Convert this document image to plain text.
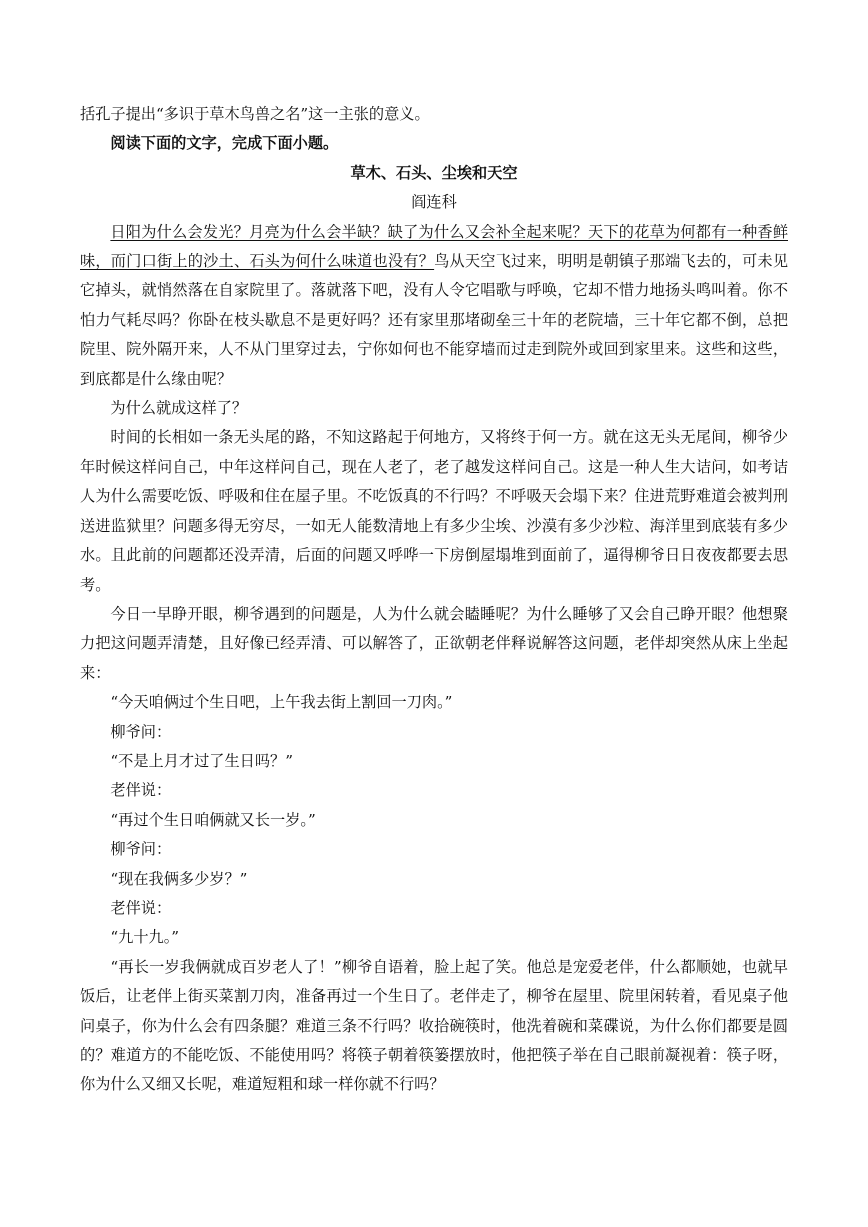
括孔子提出“多识于草木鸟兽之名”这一主张的意义。

阅读下面的文字，完成下面小题。

草木、石头、尘埃和天空

阎连科

日阳为什么会发光？月亮为什么会半缺？缺了为什么又会补全起来呢？天下的花草为何都有一种香鲜味，而门口街上的沙土、石头为何什么味道也没有？鸟从天空飞过来，明明是朝镇子那端飞去的，可未见它掉头，就悄然落在自家院里了。落就落下吧，没有人令它唱歌与呼唤，它却不惜力地扬头鸣叫着。你不怕力气耗尽吗？你卧在枝头歇息不是更好吗？还有家里那堵砌垒三十年的老院墙，三十年它都不倒，总把院里、院外隔开来，人不从门里穿过去，宁你如何也不能穿墙而过走到院外或回到家里来。这些和这些，到底都是什么缘由呢？

为什么就成这样了？

时间的长相如一条无头尾的路，不知这路起于何地方，又将终于何一方。就在这无头无尾间，柳爷少年时候这样问自己，中年这样问自己，现在人老了，老了越发这样问自己。这是一种人生大诘问，如考诘人为什么需要吃饭、呼吸和住在屋子里。不吃饭真的不行吗？不呼吸天会塌下来？住进荒野难道会被判刑送进监狱里？问题多得无穷尽，一如无人能数清地上有多少尘埃、沙漠有多少沙粒、海洋里到底装有多少水。且此前的问题都还没弄清，后面的问题又呼哗一下房倒屋塌堆到面前了，逼得柳爷日日夜夜都要去思考。

今日一早睁开眼，柳爷遇到的问题是，人为什么就会瞌睡呢？为什么睡够了又会自己睁开眼？他想聚力把这问题弄清楚，且好像已经弄清、可以解答了，正欲朝老伴释说解答这问题，老伴却突然从床上坐起来：

“今天咱俩过个生日吧，上午我去街上割回一刀肉。”

柳爷问：

“不是上月才过了生日吗？”

老伴说：

“再过个生日咱俩就又长一岁。”

柳爷问：

“现在我俩多少岁？”

老伴说：

“九十九。”

“再长一岁我俩就成百岁老人了！”柳爷自语着，脸上起了笑。他总是宠爱老伴，什么都顺她，也就早饭后，让老伴上街买菜割刀肉，准备再过一个生日了。老伴走了，柳爷在屋里、院里闲转着，看见桌子他问桌子，你为什么会有四条腿？难道三条不行吗？收拾碗筷时，他洗着碗和菜碟说，为什么你们都要是圆的？难道方的不能吃饭、不能使用吗？将筷子朝着筷篓摆放时，他把筷子举在自己眼前凝视着：筷子呀，你为什么又细又长呢，难道短粗和球一样你就不行吗？
